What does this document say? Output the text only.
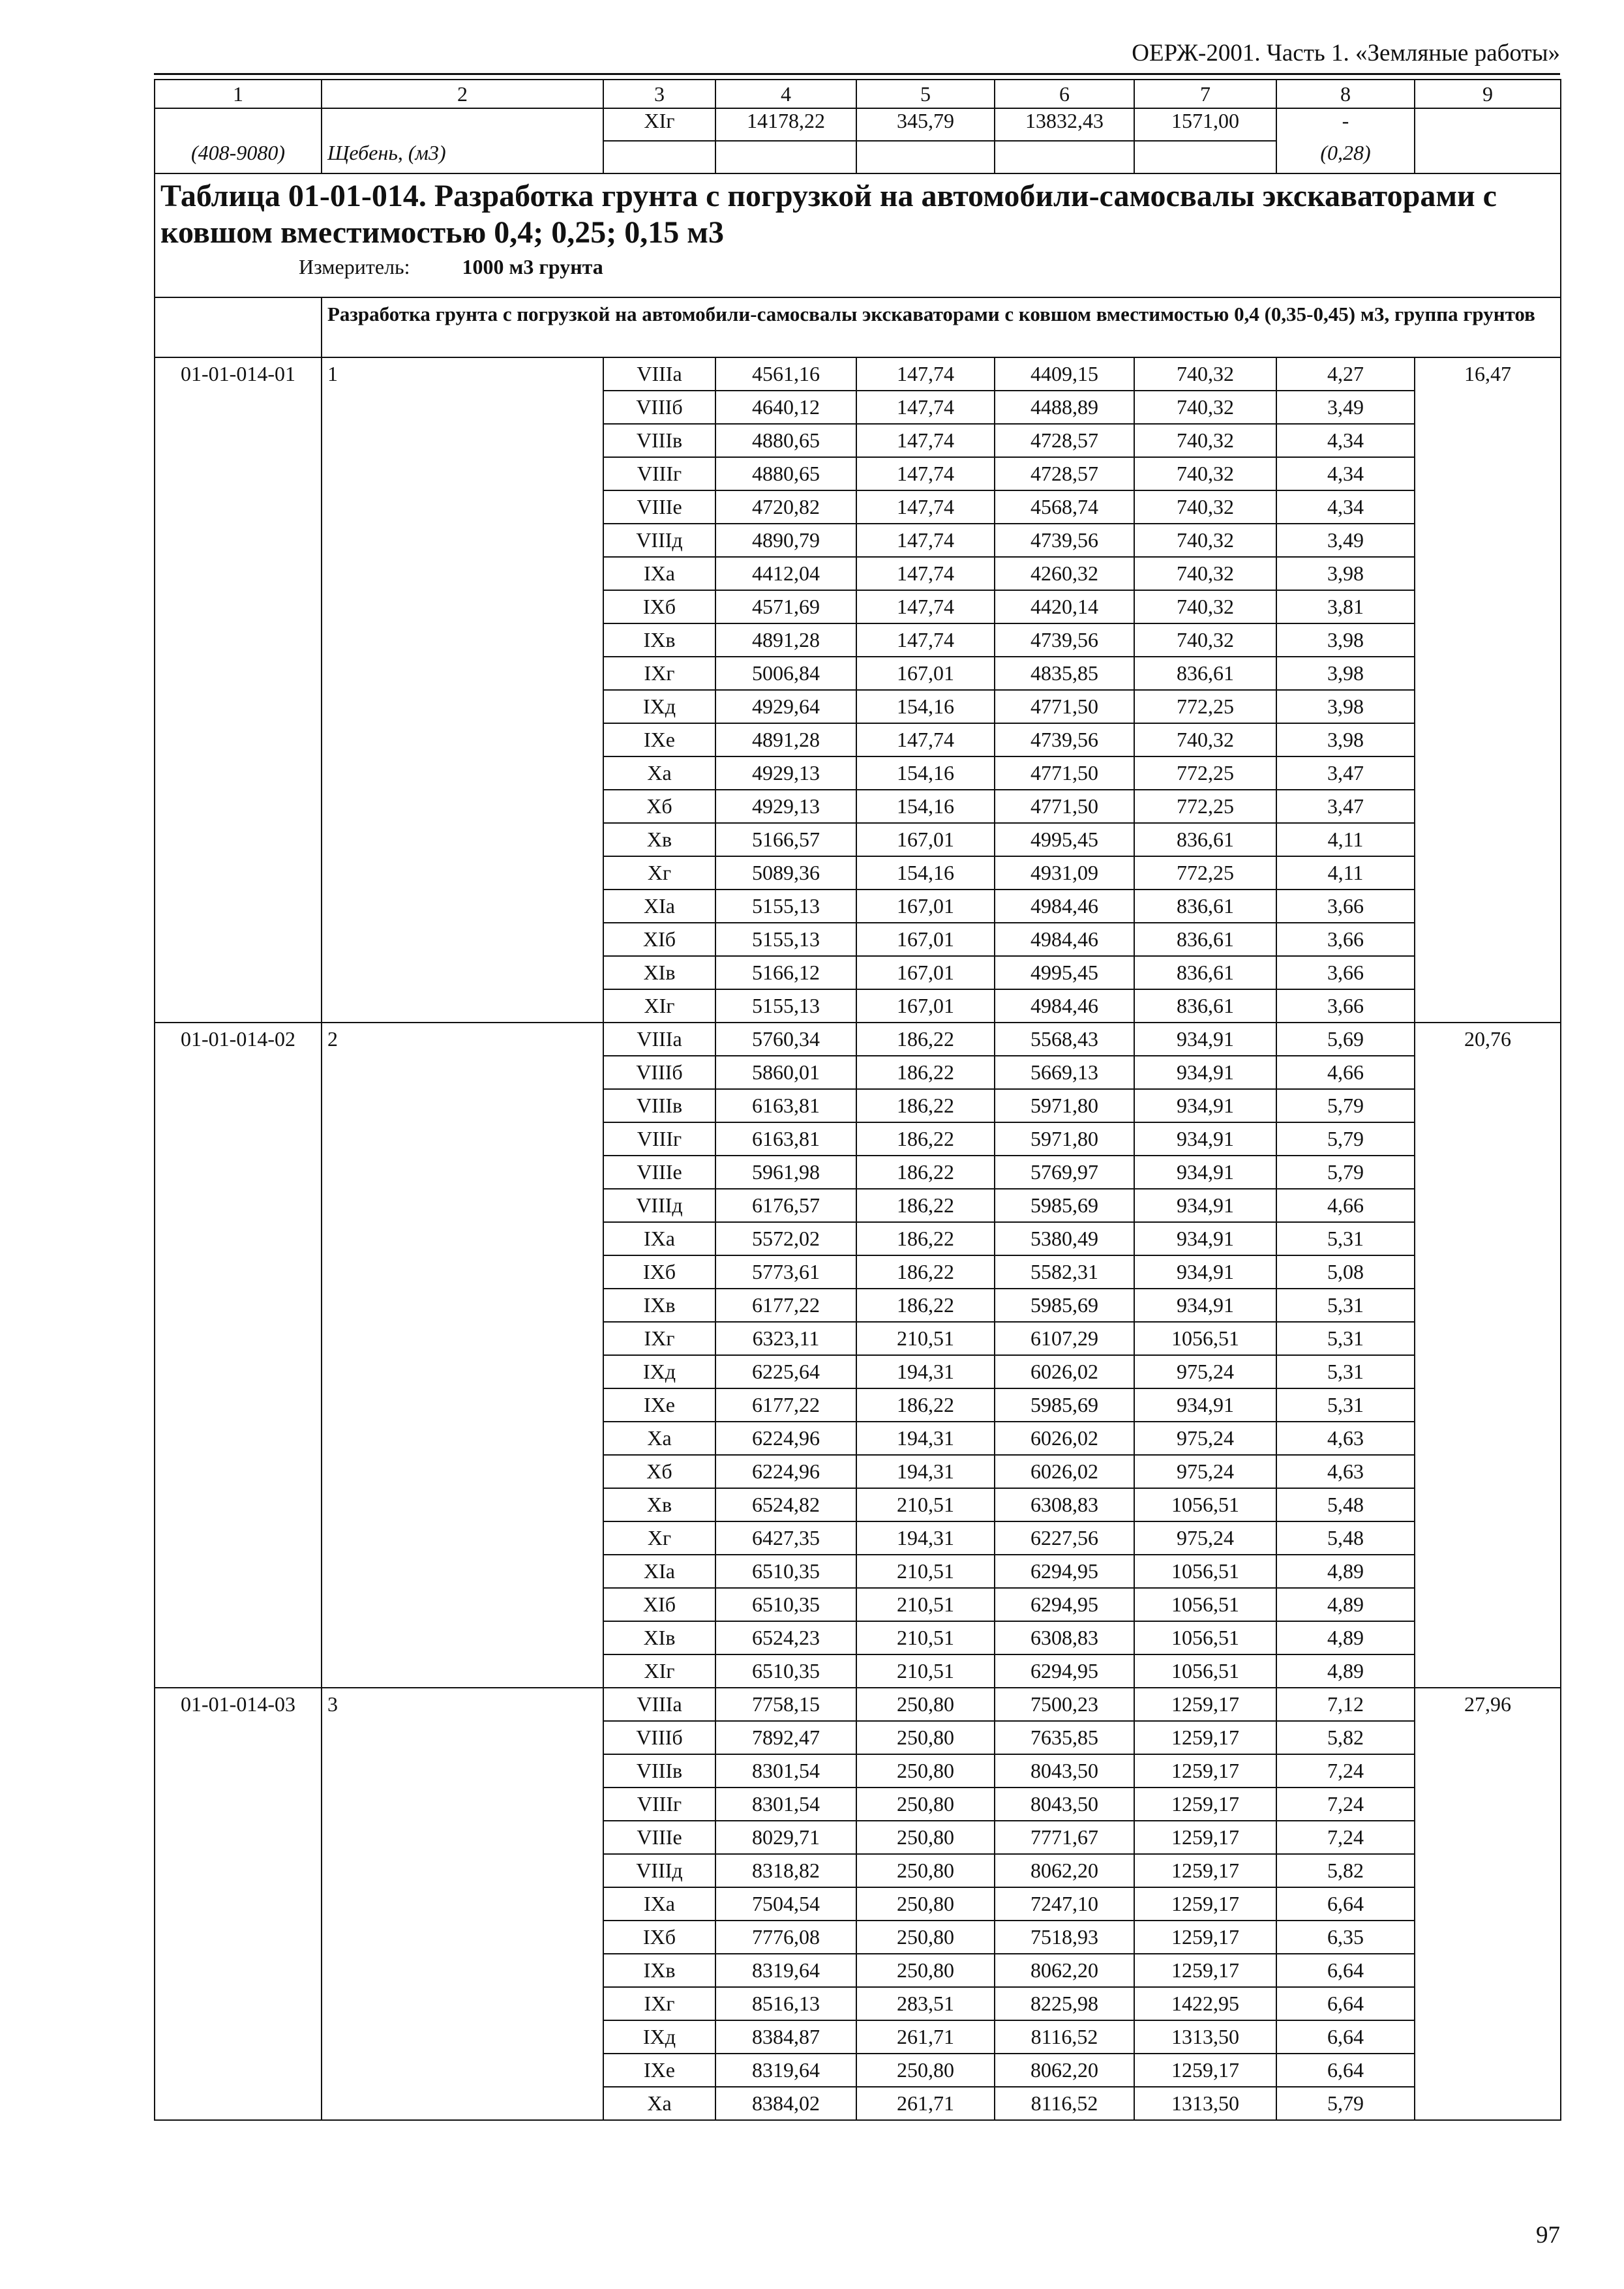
ОЕРЖ-2001. Часть 1. «Земляные работы»
1	2	3	4	5	6	7	8	9
		XIг	14178,22	345,79	13832,43	1571,00	-	
(408-9080)	Щебень, (м3)						(0,28)	

Таблица 01-01-014. Разработка грунта с погрузкой на автомобили-самосвалы экскаваторами с ковшом вместимостью 0,4; 0,25; 0,15 м3
Измеритель: 1000 м3 грунта								

	Разработка грунта с погрузкой на автомобили-самосвалы экскаваторами с ковшом вместимостью 0,4 (0,35-0,45) м3, группа грунтов							

01-01-014-01	1	VIIIа	4561,16	147,74	4409,15	740,32	4,27	16,47
		VIIIб	4640,12	147,74	4488,89	740,32	3,49	
		VIIIв	4880,65	147,74	4728,57	740,32	4,34	
		VIIIг	4880,65	147,74	4728,57	740,32	4,34	
		VIIIе	4720,82	147,74	4568,74	740,32	4,34	
		VIIIд	4890,79	147,74	4739,56	740,32	3,49	
		IXа	4412,04	147,74	4260,32	740,32	3,98	
		IXб	4571,69	147,74	4420,14	740,32	3,81	
		IXв	4891,28	147,74	4739,56	740,32	3,98	
		IXг	5006,84	167,01	4835,85	836,61	3,98	
		IXд	4929,64	154,16	4771,50	772,25	3,98	
		IXе	4891,28	147,74	4739,56	740,32	3,98	
		Xа	4929,13	154,16	4771,50	772,25	3,47	
		Xб	4929,13	154,16	4771,50	772,25	3,47	
		Xв	5166,57	167,01	4995,45	836,61	4,11	
		Xг	5089,36	154,16	4931,09	772,25	4,11	
		XIа	5155,13	167,01	4984,46	836,61	3,66	
		XIб	5155,13	167,01	4984,46	836,61	3,66	
		XIв	5166,12	167,01	4995,45	836,61	3,66	
		XIг	5155,13	167,01	4984,46	836,61	3,66	
01-01-014-02	2	VIIIа	5760,34	186,22	5568,43	934,91	5,69	20,76
		VIIIб	5860,01	186,22	5669,13	934,91	4,66	
		VIIIв	6163,81	186,22	5971,80	934,91	5,79	
		VIIIг	6163,81	186,22	5971,80	934,91	5,79	
		VIIIе	5961,98	186,22	5769,97	934,91	5,79	
		VIIIд	6176,57	186,22	5985,69	934,91	4,66	
		IXа	5572,02	186,22	5380,49	934,91	5,31	
		IXб	5773,61	186,22	5582,31	934,91	5,08	
		IXв	6177,22	186,22	5985,69	934,91	5,31	
		IXг	6323,11	210,51	6107,29	1056,51	5,31	
		IXд	6225,64	194,31	6026,02	975,24	5,31	
		IXе	6177,22	186,22	5985,69	934,91	5,31	
		Xа	6224,96	194,31	6026,02	975,24	4,63	
		Xб	6224,96	194,31	6026,02	975,24	4,63	
		Xв	6524,82	210,51	6308,83	1056,51	5,48	
		Xг	6427,35	194,31	6227,56	975,24	5,48	
		XIа	6510,35	210,51	6294,95	1056,51	4,89	
		XIб	6510,35	210,51	6294,95	1056,51	4,89	
		XIв	6524,23	210,51	6308,83	1056,51	4,89	
		XIг	6510,35	210,51	6294,95	1056,51	4,89	
01-01-014-03	3	VIIIа	7758,15	250,80	7500,23	1259,17	7,12	27,96
		VIIIб	7892,47	250,80	7635,85	1259,17	5,82	
		VIIIв	8301,54	250,80	8043,50	1259,17	7,24	
		VIIIг	8301,54	250,80	8043,50	1259,17	7,24	
		VIIIе	8029,71	250,80	7771,67	1259,17	7,24	
		VIIIд	8318,82	250,80	8062,20	1259,17	5,82	
		IXа	7504,54	250,80	7247,10	1259,17	6,64	
		IXб	7776,08	250,80	7518,93	1259,17	6,35	
		IXв	8319,64	250,80	8062,20	1259,17	6,64	
		IXг	8516,13	283,51	8225,98	1422,95	6,64	
		IXд	8384,87	261,71	8116,52	1313,50	6,64	
		IXе	8319,64	250,80	8062,20	1259,17	6,64	
		Xа	8384,02	261,71	8116,52	1313,50	5,79	
97
